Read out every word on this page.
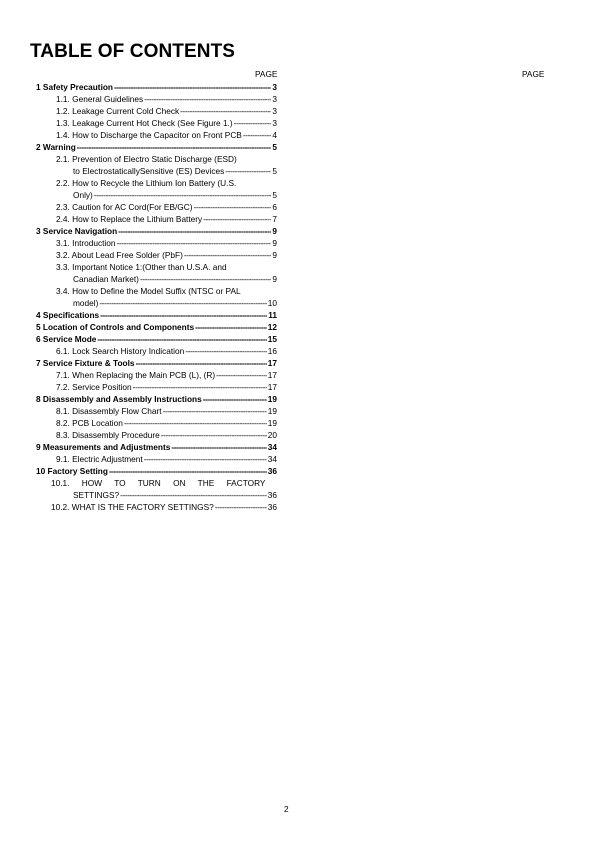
TABLE OF CONTENTS
PAGE	PAGE
1 Safety Precaution -----	3
1.1. General Guidelines -----	3
1.2. Leakage Current Cold Check -----	3
1.3. Leakage Current Hot Check (See Figure 1.) -----	3
1.4. How to Discharge the Capacitor on Front PCB -----	4
2 Warning -----	5
2.1. Prevention of Electro Static Discharge (ESD)
to ElectrostaticallySensitive (ES) Devices -----	5
2.2. How to Recycle the Lithium Ion Battery (U.S.
Only) -----	5
2.3. Caution for AC Cord(For EB/GC) -----	6
2.4. How to Replace the Lithium Battery -----	7
3 Service Navigation -----	9
3.1. Introduction -----	9
3.2. About Lead Free Solder (PbF) -----	9
3.3. Important Notice 1:(Other than U.S.A. and
Canadian Market) -----	9
3.4. How to Define the Model Suffix (NTSC or PAL
model) -----	10
4 Specifications -----	11
5 Location of Controls and Components -----	12
6 Service Mode -----	15
6.1. Lock Search History Indication -----	16
7 Service Fixture & Tools -----	17
7.1. When Replacing the Main PCB (L), (R) -----	17
7.2. Service Position -----	17
8 Disassembly and Assembly Instructions -----	19
8.1. Disassembly Flow Chart -----	19
8.2. PCB Location -----	19
8.3. Disassembly Procedure -----	20
9 Measurements and Adjustments -----	34
9.1. Electric Adjustment -----	34
10 Factory Setting -----	36
10.1. HOW TO TURN ON THE FACTORY
SETTINGS? -----	36
10.2. WHAT IS THE FACTORY SETTINGS? -----	36
2
